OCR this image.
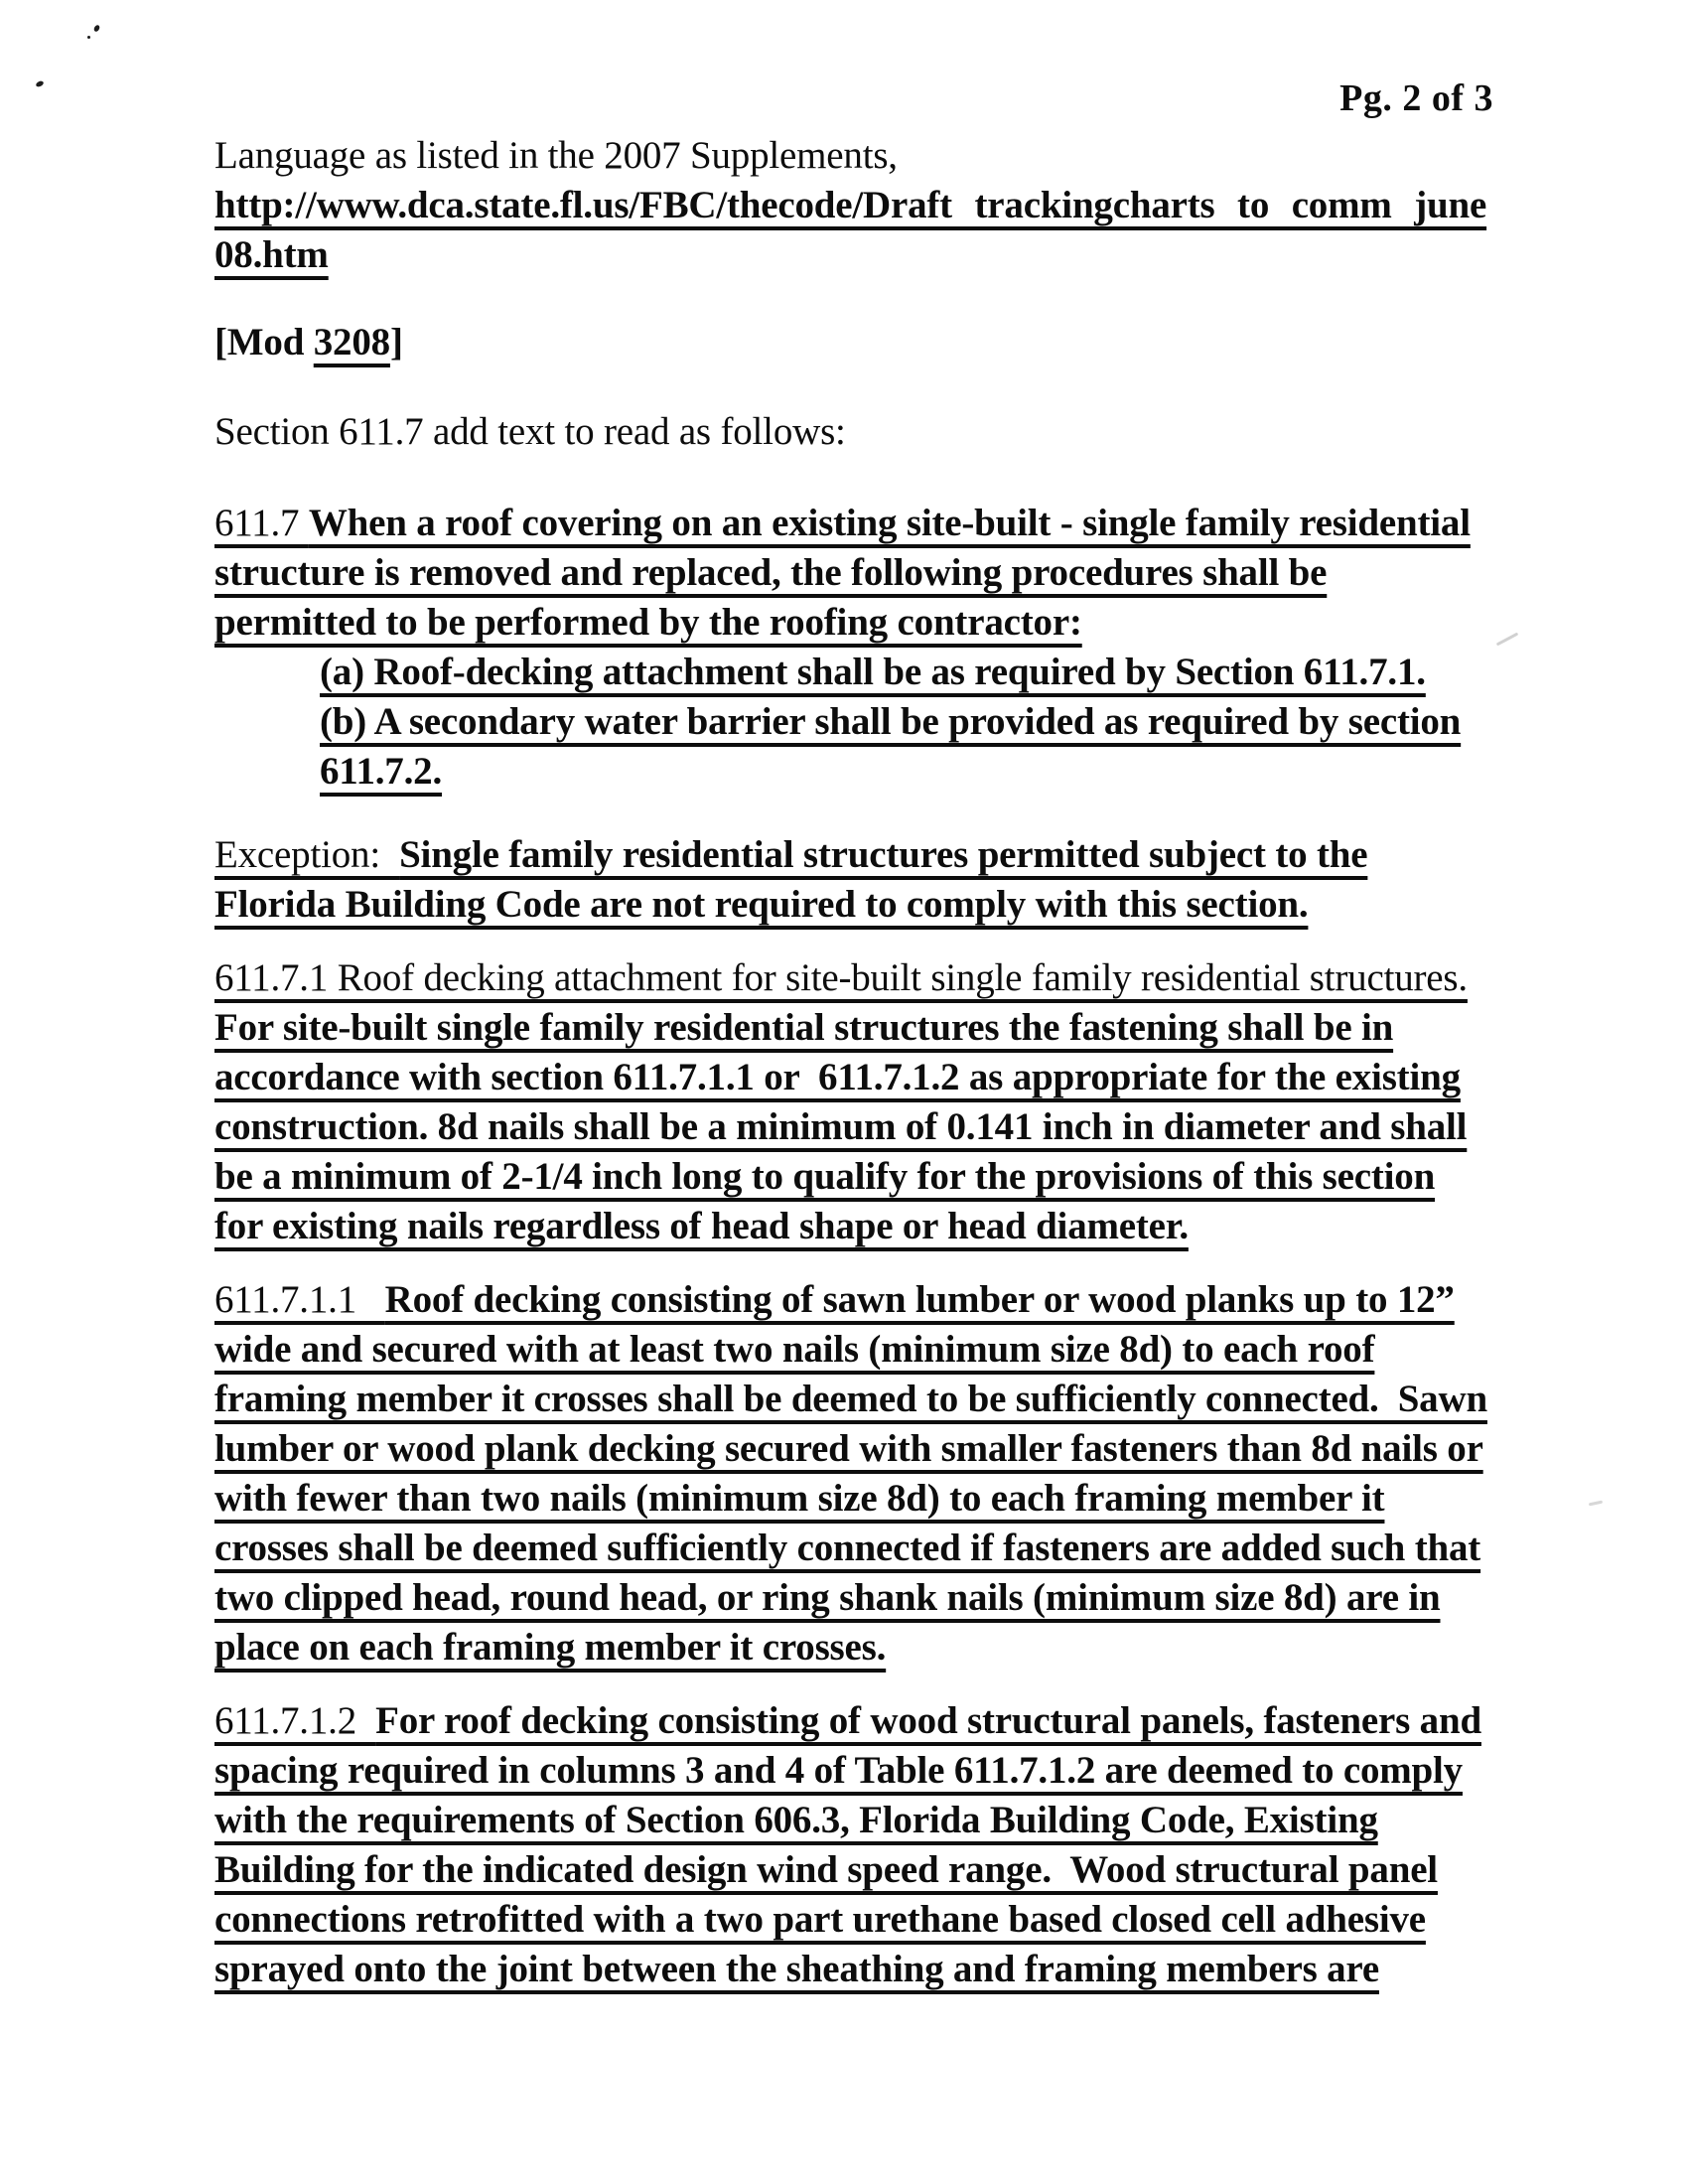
Pg. 2 of 3
Language as listed in the 2007 Supplements,
http://www.dca.state.fl.us/FBC/thecode/Draft trackingcharts to comm june
08.htm
[Mod 3208]
Section 611.7 add text to read as follows:
611.7 When a roof covering on an existing site-built - single family residential
structure is removed and replaced, the following procedures shall be
permitted to be performed by the roofing contractor:
(a) Roof-decking attachment shall be as required by Section 611.7.1.
(b) A secondary water barrier shall be provided as required by section
611.7.2.
Exception:  Single family residential structures permitted subject to the
Florida Building Code are not required to comply with this section.
611.7.1 Roof decking attachment for site-built single family residential structures.
For site-built single family residential structures the fastening shall be in
accordance with section 611.7.1.1 or  611.7.1.2 as appropriate for the existing
construction. 8d nails shall be a minimum of 0.141 inch in diameter and shall
be a minimum of 2-1/4 inch long to qualify for the provisions of this section
for existing nails regardless of head shape or head diameter.
611.7.1.1   Roof decking consisting of sawn lumber or wood planks up to 12”
wide and secured with at least two nails (minimum size 8d) to each roof
framing member it crosses shall be deemed to be sufficiently connected.  Sawn
lumber or wood plank decking secured with smaller fasteners than 8d nails or
with fewer than two nails (minimum size 8d) to each framing member it
crosses shall be deemed sufficiently connected if fasteners are added such that
two clipped head, round head, or ring shank nails (minimum size 8d) are in
place on each framing member it crosses.
611.7.1.2  For roof decking consisting of wood structural panels, fasteners and
spacing required in columns 3 and 4 of Table 611.7.1.2 are deemed to comply
with the requirements of Section 606.3, Florida Building Code, Existing
Building for the indicated design wind speed range.  Wood structural panel
connections retrofitted with a two part urethane based closed cell adhesive
sprayed onto the joint between the sheathing and framing members are
